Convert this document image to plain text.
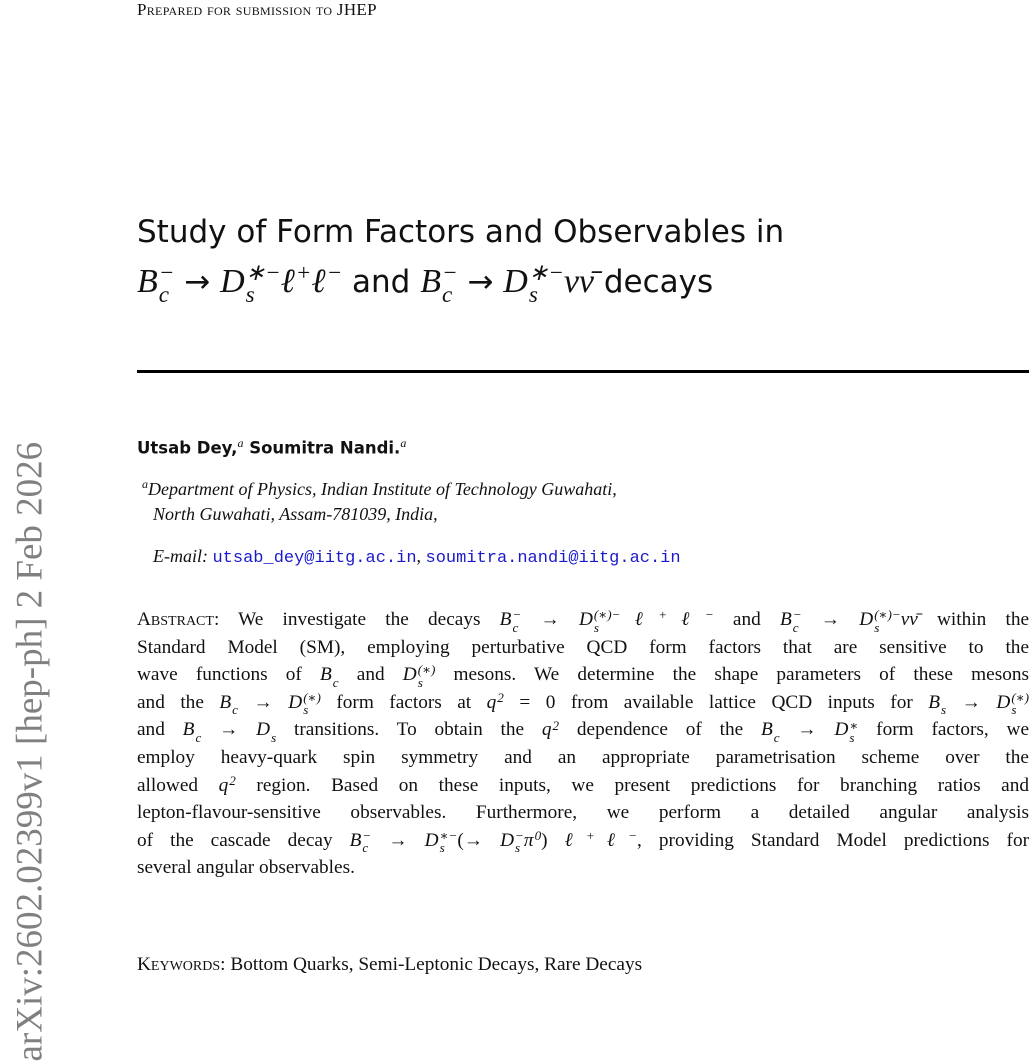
Prepared for submission to JHEP
Study of Form Factors and Observables in
B −
c → D ∗−
s ℓ +
ℓ −
and B −
c → D ∗−
s νν̄ decays
Utsab Dey,$^a$ Soumitra Nandi.$^a$
$^a$Department of Physics, Indian Institute of Technology Guwahati,
North Guwahati, Assam-781039, India,
E-mail: utsab_dey@iitg.ac.in, soumitra.nandi@iitg.ac.in
Abstract: We investigate the decays B −
c → D (∗)−
s	ℓ +
ℓ −
and B −
c → D (∗)−
s	νν̄ within the
Standard Model (SM), employing perturbative QCD form factors that are sensitive to the
wave functions of B
c and D (∗)
s mesons. We determine the shape parameters of these mesons
and the B
c → D (∗)
s form factors at q 2
= 0 from available lattice QCD inputs for B
s → D (∗)
s
and B
c → D
s transitions. To obtain the q 2
dependence of the B
c → D ∗
s form factors, we
employ heavy-quark spin symmetry and an appropriate parametrisation scheme over the
allowed q 2
region. Based on these inputs, we present predictions for branching ratios and
lepton-flavour-sensitive observables. Furthermore, we perform a detailed angular analysis
of the cascade decay B −
c → D ∗−
s (→ D −
s π 0
) ℓ +
ℓ −
, providing Standard Model predictions for
several angular observables.
Keywords: Bottom Quarks, Semi-Leptonic Decays, Rare Decays
arXiv:2602.02399v1 [hep-ph] 2 Feb 2026
